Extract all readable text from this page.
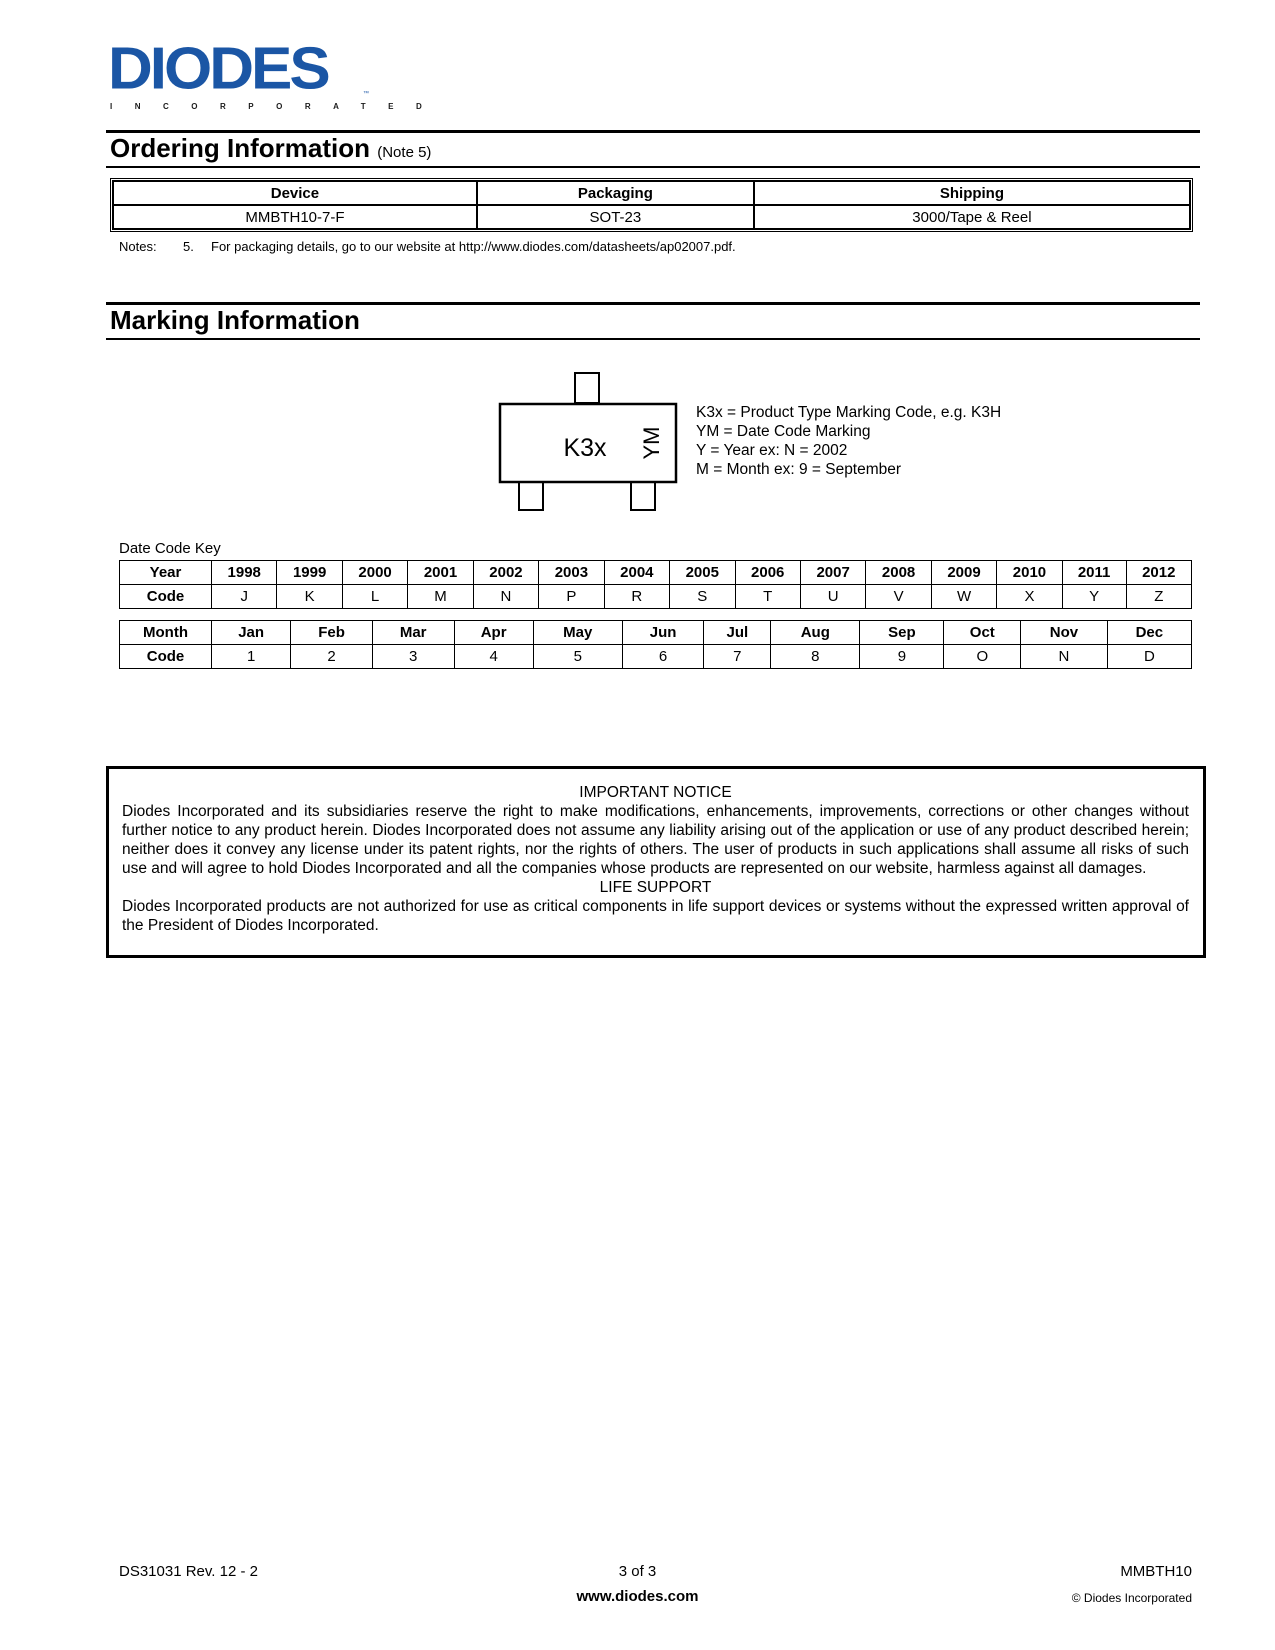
DIODES
INCORPORATED
™
Ordering Information (Note 5)
Device	Packaging	Shipping
MMBTH10-7-F	SOT-23	3000/Tape & Reel
Notes: 5. For packaging details, go to our website at http://www.diodes.com/datasheets/ap02007.pdf.
Marking Information
K3x YM
K3x = Product Type Marking Code, e.g. K3H
YM = Date Code Marking
Y = Year ex: N = 2002
M = Month ex: 9 = September
Date Code Key
Year	1998	1999	2000	2001	2002	2003	2004	2005	2006	2007	2008	2009	2010	2011	2012
Code	J	K	L	M	N	P	R	S	T	U	V	W	X	Y	Z
Month	Jan	Feb	Mar	Apr	May	Jun	Jul	Aug	Sep	Oct	Nov	Dec
Code	1	2	3	4	5	6	7	8	9	O	N	D
IMPORTANT NOTICE
Diodes Incorporated and its subsidiaries reserve the right to make modifications, enhancements, improvements, corrections or other changes without further notice to any product herein. Diodes Incorporated does not assume any liability arising out of the application or use of any product described herein; neither does it convey any license under its patent rights, nor the rights of others. The user of products in such applications shall assume all risks of such use and will agree to hold Diodes Incorporated and all the companies whose products are represented on our website, harmless against all damages.
LIFE SUPPORT
Diodes Incorporated products are not authorized for use as critical components in life support devices or systems without the expressed written approval of the President of Diodes Incorporated.
DS31031 Rev. 12 - 2	3 of 3	MMBTH10
www.diodes.com	© Diodes Incorporated
